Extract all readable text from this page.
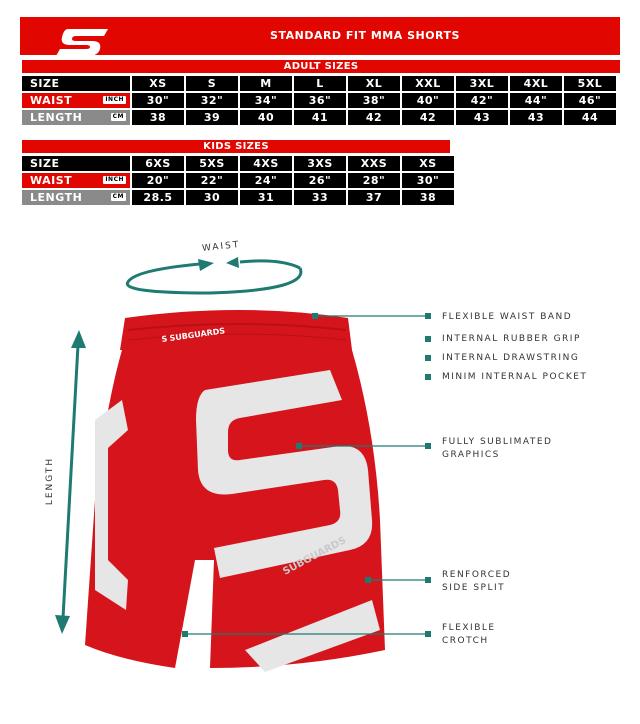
STANDARD FIT MMA SHORTS
ADULT SIZES
SIZE	XS	S	M	L	XL	XXL	3XL	4XL	5XL
WAIST INCH	30"	32"	34"	36"	38"	40"	42"	44"	46"
LENGTH CM	38	39	40	41	42	42	43	43	44
KIDS SIZES
SIZE	6XS	5XS	4XS	3XS	XXS	XS
WAIST INCH	20"	22"	24"	26"	28"	30"
LENGTH CM	28.5	30	31	33	37	38
S SUBGUARDS
SUBGUARDS
WAIST
LENGTH
FLEXIBLE WAIST BAND
INTERNAL RUBBER GRIP
INTERNAL DRAWSTRING
MINIM INTERNAL POCKET
FULLY SUBLIMATED
GRAPHICS
RENFORCED
SIDE SPLIT
FLEXIBLE
CROTCH
